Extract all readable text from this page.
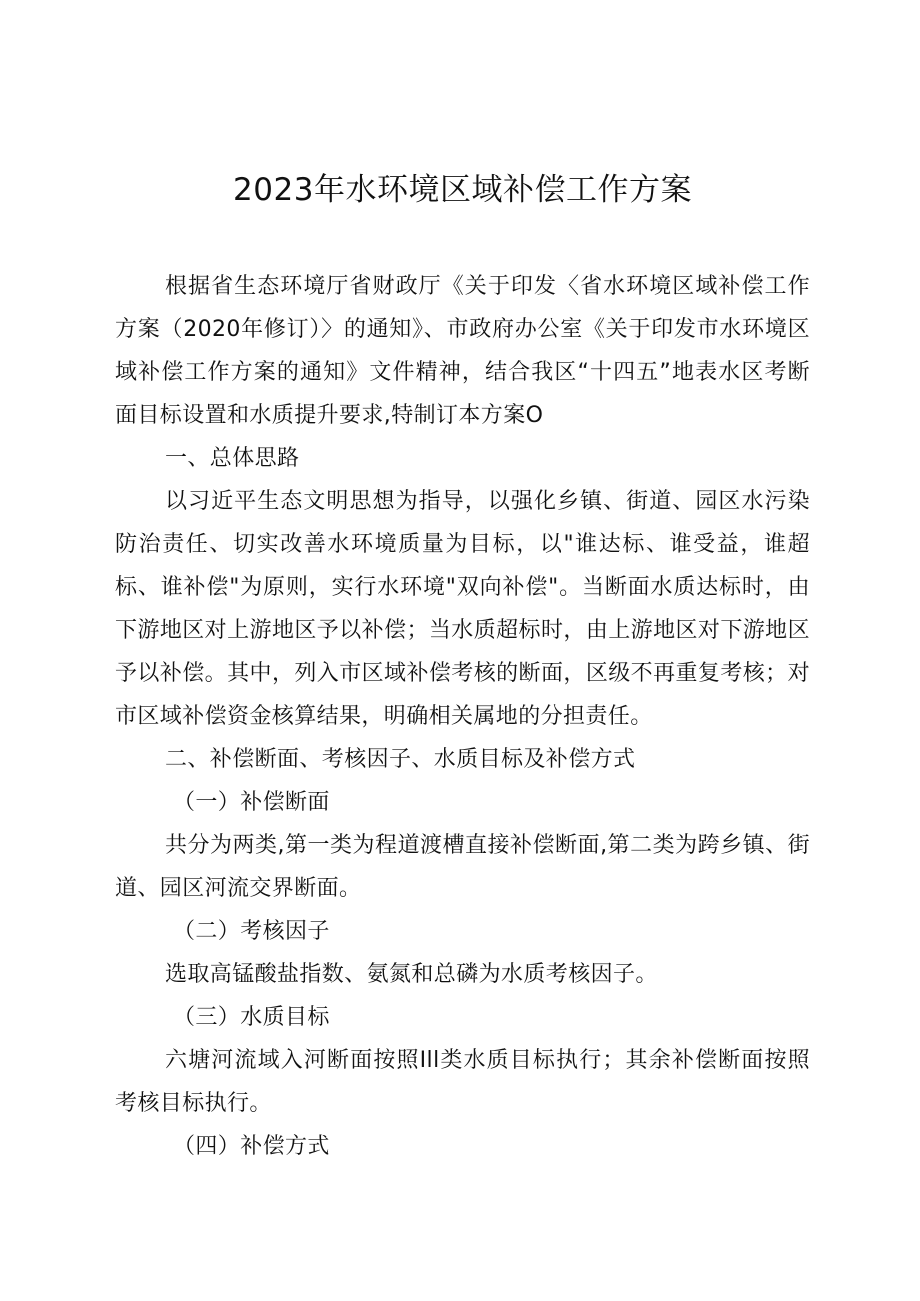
2023年水环境区域补偿工作方案

根据省生态环境厅省财政厅《关于印发〈省水环境区域补偿工作方案（2020年修订）〉的通知》、市政府办公室《关于印发市水环境区域补偿工作方案的通知》文件精神，结合我区“十四五”地表水区考断面目标设置和水质提升要求,特制订本方案O

一、总体思路

以习近平生态文明思想为指导，以强化乡镇、街道、园区水污染防治责任、切实改善水环境质量为目标，以"谁达标、谁受益，谁超标、谁补偿"为原则，实行水环境"双向补偿"。当断面水质达标时，由下游地区对上游地区予以补偿；当水质超标时，由上游地区对下游地区予以补偿。其中，列入市区域补偿考核的断面，区级不再重复考核；对市区域补偿资金核算结果，明确相关属地的分担责任。

二、补偿断面、考核因子、水质目标及补偿方式

（一）补偿断面

共分为两类,第一类为程道渡槽直接补偿断面,第二类为跨乡镇、街道、园区河流交界断面。

（二）考核因子

选取高锰酸盐指数、氨氮和总磷为水质考核因子。

（三）水质目标

六塘河流域入河断面按照Ill类水质目标执行；其余补偿断面按照考核目标执行。

（四）补偿方式
